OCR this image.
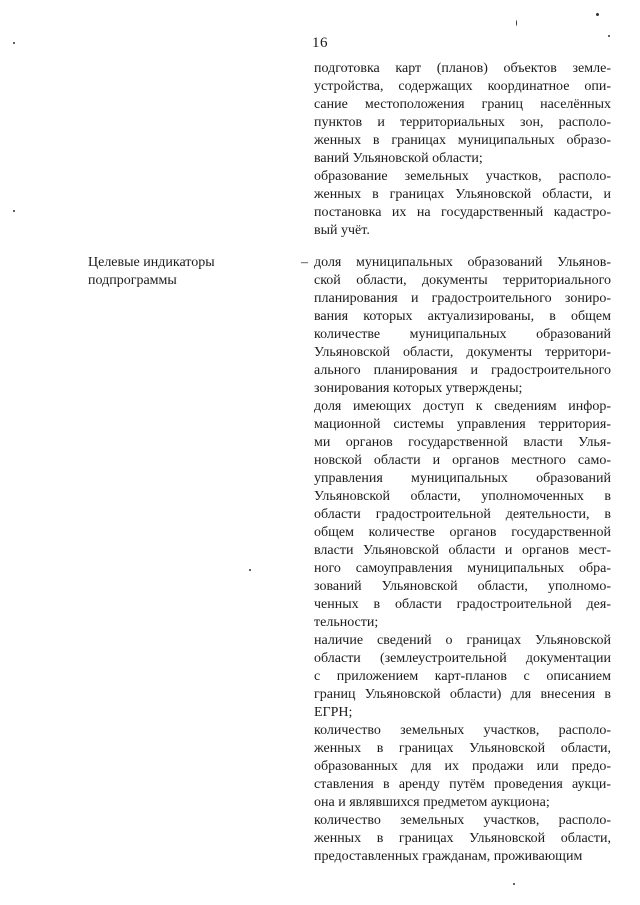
16
подготовка карт (планов) объектов земле-
устройства, содержащих координатное опи-
сание местоположения границ населённых
пунктов и территориальных зон, располо-
женных в границах муниципальных образо-
ваний Ульяновской области;
образование земельных участков, располо-
женных в границах Ульяновской области, и
постановка их на государственный кадастро-
вый учёт.
Целевые индикаторы
подпрограммы
– доля муниципальных образований Ульянов-
ской области, документы территориального
планирования и градостроительного зониро-
вания которых актуализированы, в общем
количестве муниципальных образований
Ульяновской области, документы территори-
ального планирования и градостроительного
зонирования которых утверждены;
доля имеющих доступ к сведениям инфор-
мационной системы управления территория-
ми органов государственной власти Улья-
новской области и органов местного само-
управления муниципальных образований
Ульяновской области, уполномоченных в
области градостроительной деятельности, в
общем количестве органов государственной
власти Ульяновской области и органов мест-
ного самоуправления муниципальных обра-
зований Ульяновской области, уполномо-
ченных в области градостроительной дея-
тельности;
наличие сведений о границах Ульяновской
области (землеустроительной документации
с приложением карт-планов с описанием
границ Ульяновской области) для внесения в
ЕГРН;
количество земельных участков, располо-
женных в границах Ульяновской области,
образованных для их продажи или предо-
ставления в аренду путём проведения аукци-
она и являвшихся предметом аукциона;
количество земельных участков, располо-
женных в границах Ульяновской области,
предоставленных гражданам, проживающим
